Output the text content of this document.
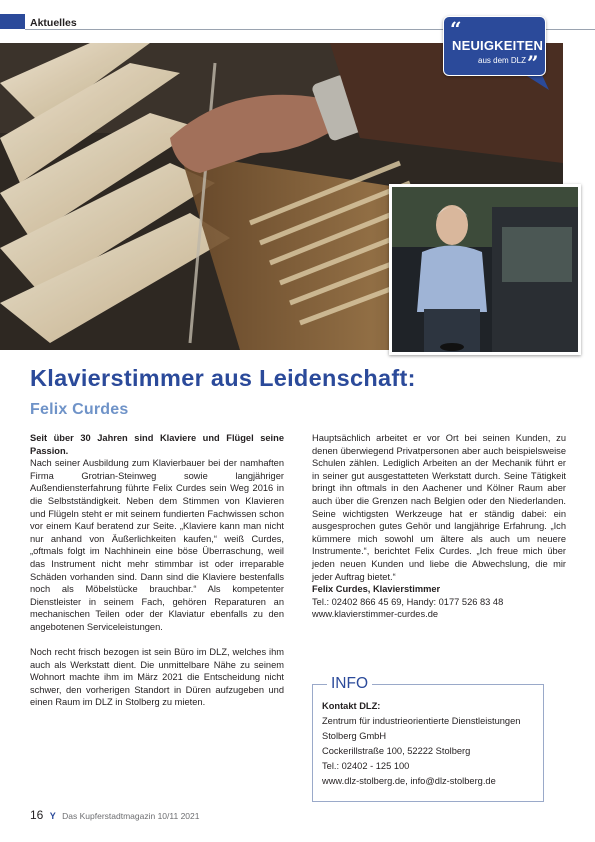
Aktuelles	“
NEUIGKEITEN
aus dem DLZ ”
Klavierstimmer aus Leidenschaft:
Felix Curdes

Seit über 30 Jahren sind Klaviere und Flügel seine Passion.

Nach seiner Ausbildung zum Klavierbauer bei der namhaften Firma Grotrian-Steinweg sowie langjähriger Außendiensterfahrung führte Felix Curdes sein Weg 2016 in die Selbstständigkeit. Neben dem Stimmen von Klavieren und Flügeln steht er mit seinem fundierten Fachwissen schon vor einem Kauf beratend zur Seite. „Klaviere kann man nicht nur anhand von Äußerlichkeiten kaufen,“ weiß Curdes, „oftmals folgt im Nachhinein eine böse Überraschung, weil das Instrument nicht mehr stimmbar ist oder irreparable Schäden vorhanden sind. Dann sind die Klaviere bestenfalls noch als Möbelstücke brauchbar.“ Als kompetenter Dienstleister in seinem Fach, gehören Reparaturen an mechanischen Teilen oder der Klaviatur ebenfalls zu den angebotenen Serviceleistungen.

Noch recht frisch bezogen ist sein Büro im DLZ, welches ihm auch als Werkstatt dient. Die unmittelbare Nähe zu seinem Wohnort machte ihm im März 2021 die Entscheidung nicht schwer, den vorherigen Standort in Düren aufzugeben und einen Raum im DLZ in Stolberg zu mieten.

Hauptsächlich arbeitet er vor Ort bei seinen Kunden, zu denen überwiegend Privatpersonen aber auch beispielsweise Schulen zählen. Lediglich Arbeiten an der Mechanik führt er in seiner gut ausgestatteten Werkstatt durch. Seine Tätigkeit bringt ihn oftmals in den Aachener und Kölner Raum aber auch über die Grenzen nach Belgien oder den Niederlanden. Seine wichtigsten Werkzeuge hat er ständig dabei: ein ausgesprochen gutes Gehör und langjährige Erfahrung. „Ich kümmere mich sowohl um ältere als auch um neuere Instrumente.“, berichtet Felix Curdes. „Ich freue mich über jeden neuen Kunden und liebe die Abwechslung, die mir jeder Auftrag bietet.“

Felix Curdes, Klavierstimmer

Tel.: 02402 866 45 69, Handy: 0177 526 83 48

www.klavierstimmer-curdes.de

INFO
Kontakt DLZ:
Zentrum für industrieorientierte Dienstleistungen
Stolberg GmbH
Cockerillstraße 100, 52222 Stolberg
Tel.: 02402 - 125 100
www.dlz-stolberg.de, info@dlz-stolberg.de
16 Y Das Kupferstadtmagazin 10/11 2021
